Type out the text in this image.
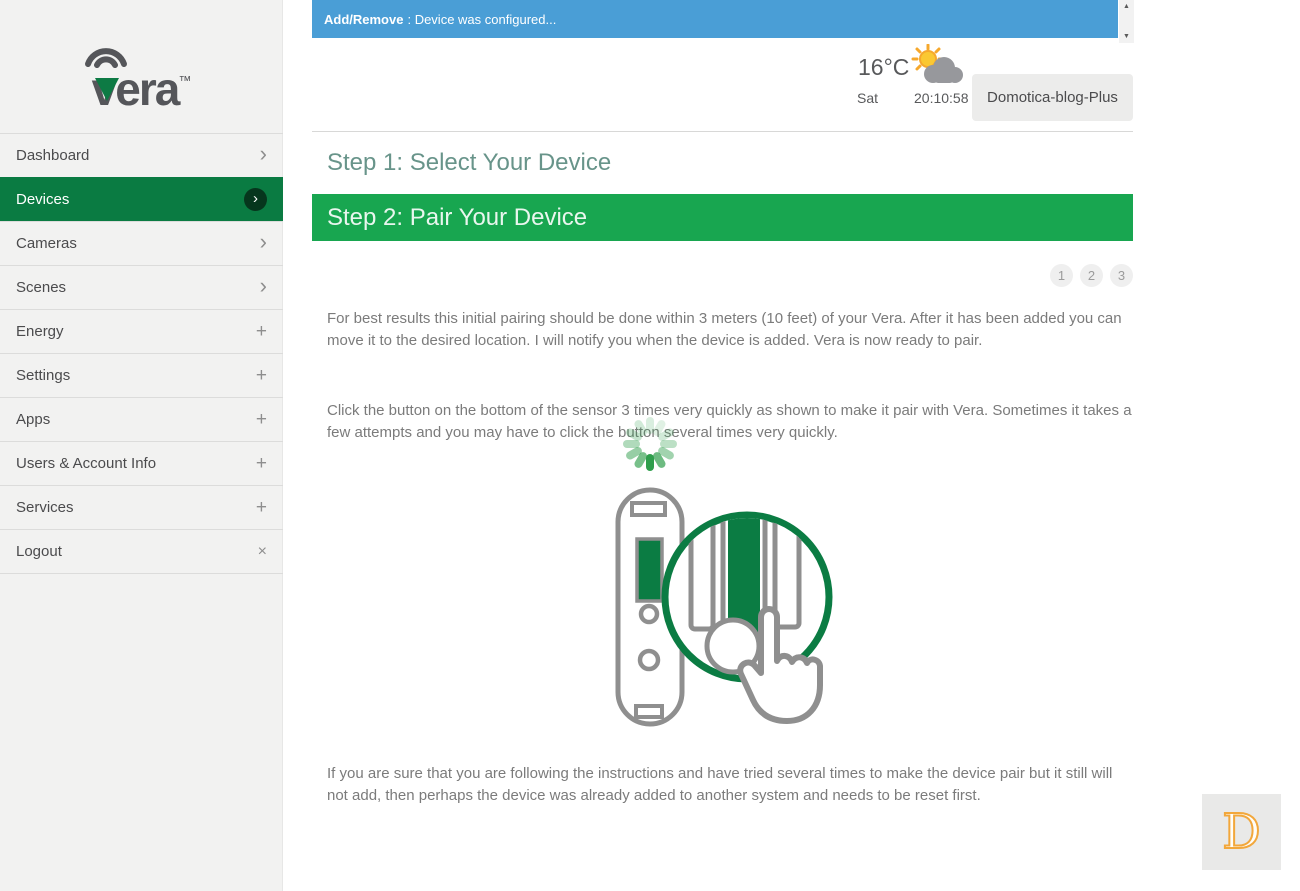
vera™
Dashboard	›
Devices	›
Cameras	›
Scenes	›
Energy	+
Settings	+
Apps	+
Users & Account Info	+
Services	+
Logout	×
Add/Remove : Device was configured...
▲
▼
16°C
Sat	20:10:58	Domotica-blog-Plus
Step 1: Select Your Device
Step 2: Pair Your Device
1	2	3
For best results this initial pairing should be done within 3 meters (10 feet) of your Vera. After it has been added you can move it to the desired location. I will notify you when the device is added. Vera is now ready to pair.
Click the button on the bottom of the sensor 3 times very quickly as shown to make it pair with Vera. Sometimes it takes a few attempts and you may have to click the button several times very quickly.
If you are sure that you are following the instructions and have tried several times to make the device pair but it still will not add, then perhaps the device was already added to another system and needs to be reset first.
D
